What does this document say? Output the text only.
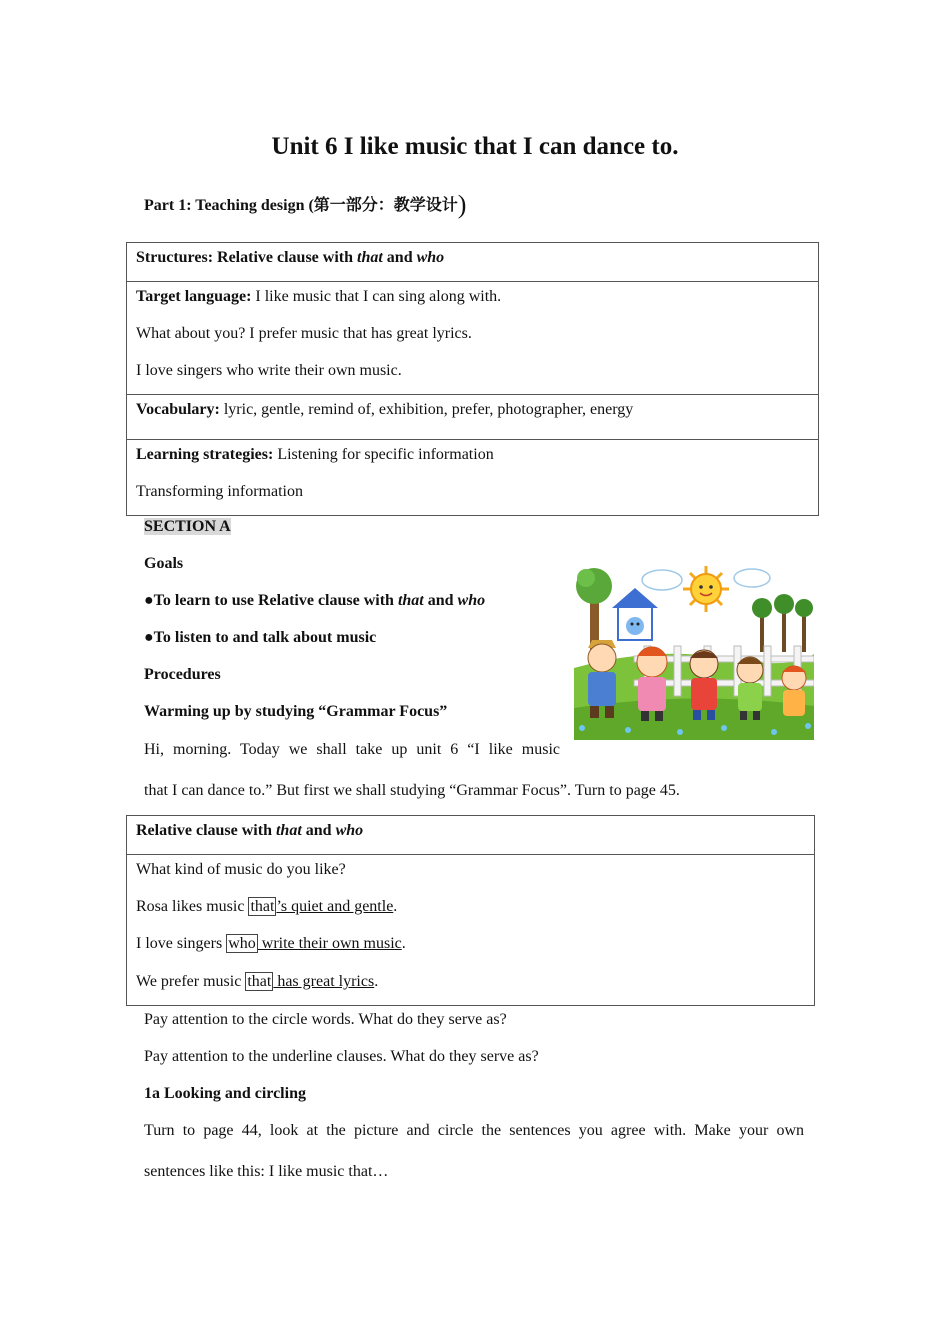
Unit 6 I like music that I can dance to.
Part 1: Teaching design (第一部分：教学设计)
Structures: Relative clause with that and who

Target language: I like music that I can sing along with.
What about you? I prefer music that has great lyrics.
I love singers who write their own music.

Vocabulary: lyric, gentle, remind of, exhibition, prefer, photographer, energy

Learning strategies: Listening for specific information
Transforming information
SECTION A
Goals
●To learn to use Relative clause with that and who
●To listen to and talk about music
Procedures
Warming up by studying “Grammar Focus”
Hi, morning. Today we shall take up unit 6 “I like music
that I can dance to.” But first we shall studying “Grammar Focus”. Turn to page 45.
Relative clause with that and who

What kind of music do you like?
Rosa likes music that ’s quiet and gentle.
I love singers who write their own music.
We prefer music that has great lyrics.
Pay attention to the circle words. What do they serve as?
Pay attention to the underline clauses. What do they serve as?
1a Looking and circling
Turn to page 44, look at the picture and circle the sentences you agree with. Make your own
sentences like this: I like music that…
